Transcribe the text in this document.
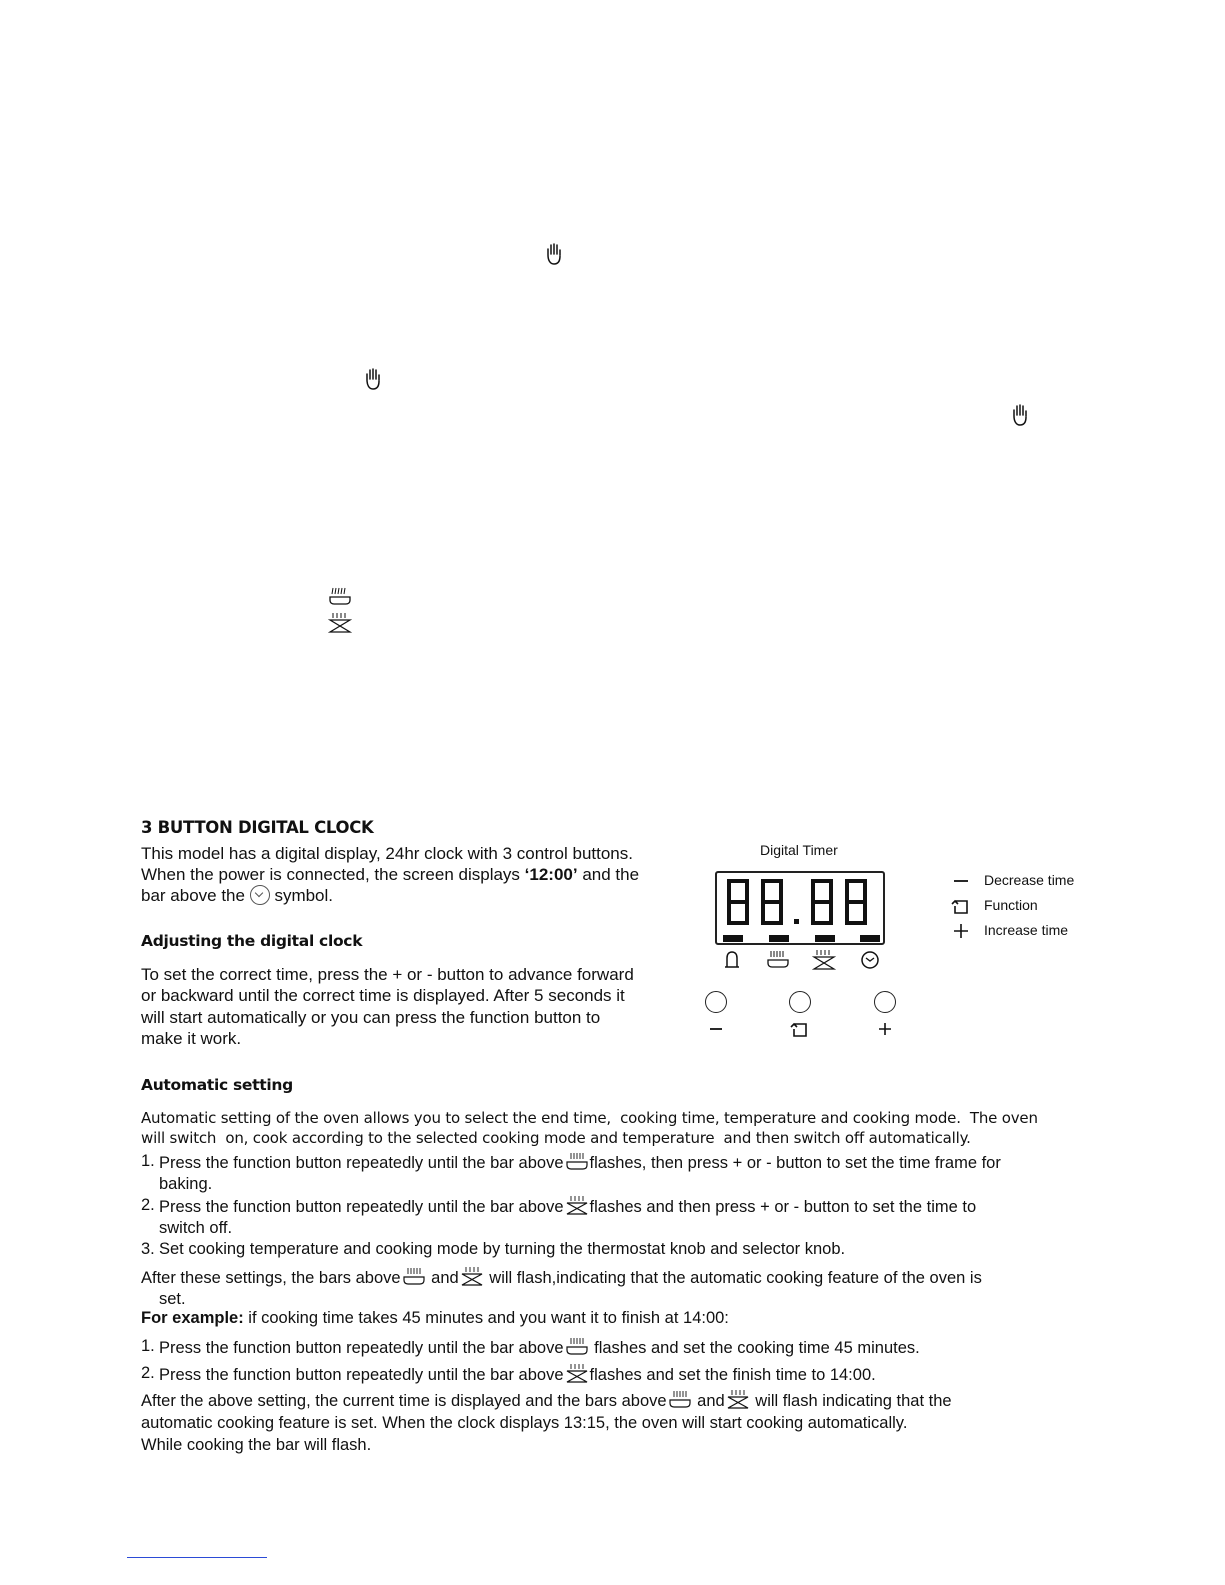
3 BUTTON DIGITAL CLOCK
This model has a digital display, 24hr clock with 3 control buttons.
When the power is connected, the screen displays ‘12:00’ and the
bar above the symbol.
Adjusting the digital clock
To set the correct time, press the + or - button to advance forward
or backward until the correct time is displayed. After 5 seconds it
will start automatically or you can press the function button to
make it work.
Digital Timer
Decrease time
Function
Increase time
Automatic setting
Automatic setting of the oven allows you to select the end time,  cooking time, temperature and cooking mode.  The oven
will switch  on, cook according to the selected cooking mode and temperature  and then switch off automatically.
1. Press the function button repeatedly until the bar above flashes, then press + or - button to set the time frame for
baking.
2. Press the function button repeatedly until the bar above flashes and then press + or - button to set the time to
switch off.
3. Set cooking temperature and cooking mode by turning the thermostat knob and selector knob.
After these settings, the bars above and will flash,indicating that the automatic cooking feature of the oven is
set.
For example: if cooking time takes 45 minutes and you want it to finish at 14:00:
1. Press the function button repeatedly until the bar above flashes and set the cooking time 45 minutes.
2. Press the function button repeatedly until the bar above flashes and set the finish time to 14:00.
After the above setting, the current time is displayed and the bars above and will flash indicating that the
automatic cooking feature is set. When the clock displays 13:15, the oven will start cooking automatically.
While cooking the bar will flash.
